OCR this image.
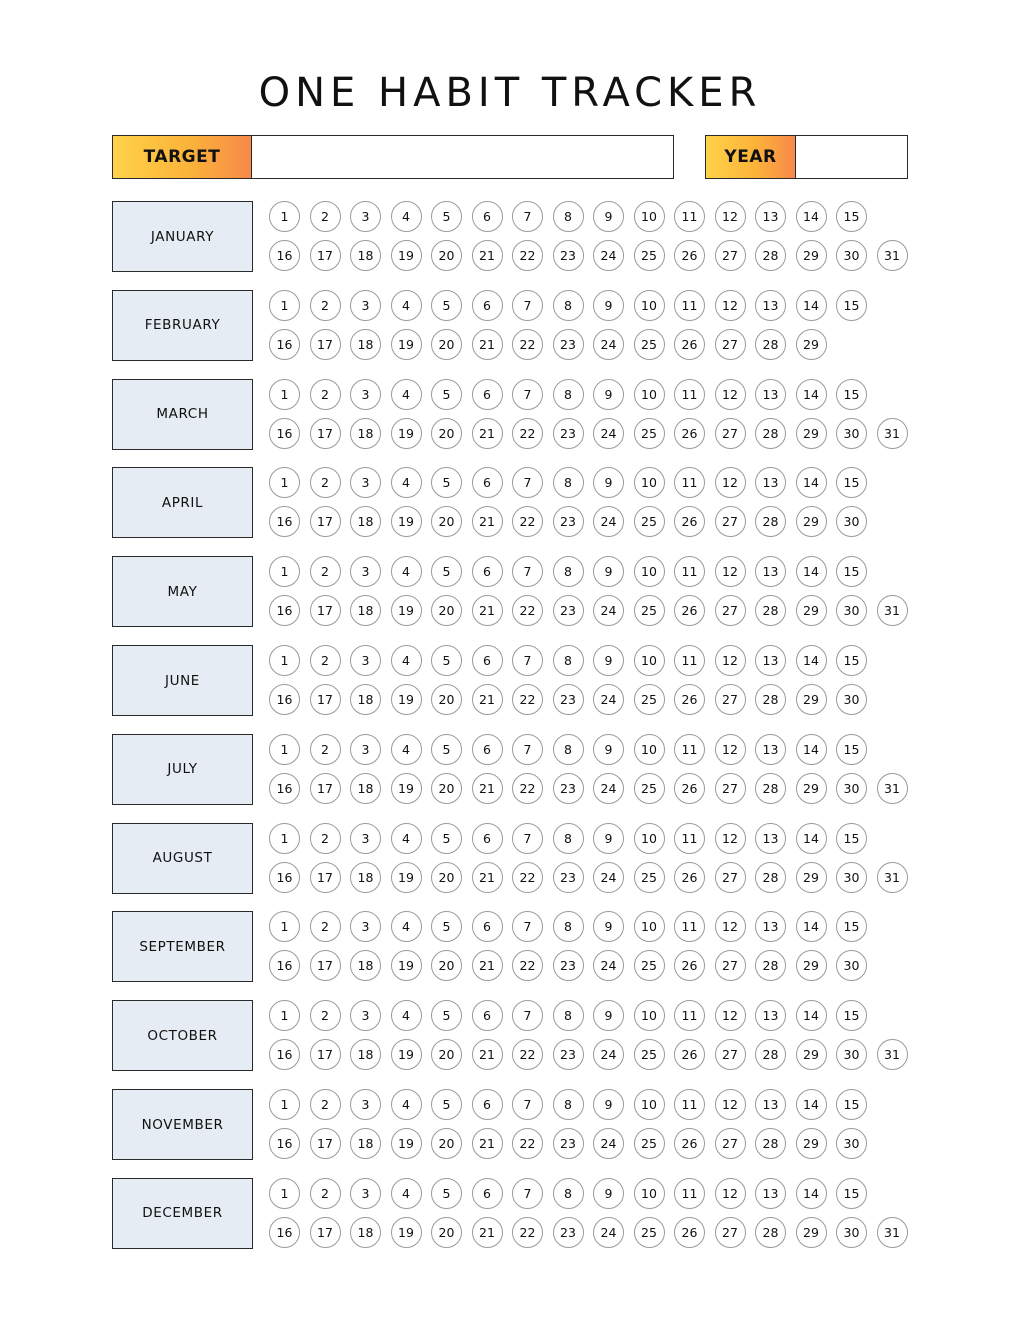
ONE HABIT TRACKER
TARGET	YEAR
JANUARY
1	2	3	4	5	6	7	8	9	10	11	12	13	14	15
16	17	18	19	20	21	22	23	24	25	26	27	28	29	30	31
FEBRUARY
1	2	3	4	5	6	7	8	9	10	11	12	13	14	15
16	17	18	19	20	21	22	23	24	25	26	27	28	29
MARCH
1	2	3	4	5	6	7	8	9	10	11	12	13	14	15
16	17	18	19	20	21	22	23	24	25	26	27	28	29	30	31
APRIL
1	2	3	4	5	6	7	8	9	10	11	12	13	14	15
16	17	18	19	20	21	22	23	24	25	26	27	28	29	30
MAY
1	2	3	4	5	6	7	8	9	10	11	12	13	14	15
16	17	18	19	20	21	22	23	24	25	26	27	28	29	30	31
JUNE
1	2	3	4	5	6	7	8	9	10	11	12	13	14	15
16	17	18	19	20	21	22	23	24	25	26	27	28	29	30
JULY
1	2	3	4	5	6	7	8	9	10	11	12	13	14	15
16	17	18	19	20	21	22	23	24	25	26	27	28	29	30	31
AUGUST
1	2	3	4	5	6	7	8	9	10	11	12	13	14	15
16	17	18	19	20	21	22	23	24	25	26	27	28	29	30	31
SEPTEMBER
1	2	3	4	5	6	7	8	9	10	11	12	13	14	15
16	17	18	19	20	21	22	23	24	25	26	27	28	29	30
OCTOBER
1	2	3	4	5	6	7	8	9	10	11	12	13	14	15
16	17	18	19	20	21	22	23	24	25	26	27	28	29	30	31
NOVEMBER
1	2	3	4	5	6	7	8	9	10	11	12	13	14	15
16	17	18	19	20	21	22	23	24	25	26	27	28	29	30
DECEMBER
1	2	3	4	5	6	7	8	9	10	11	12	13	14	15
16	17	18	19	20	21	22	23	24	25	26	27	28	29	30	31
